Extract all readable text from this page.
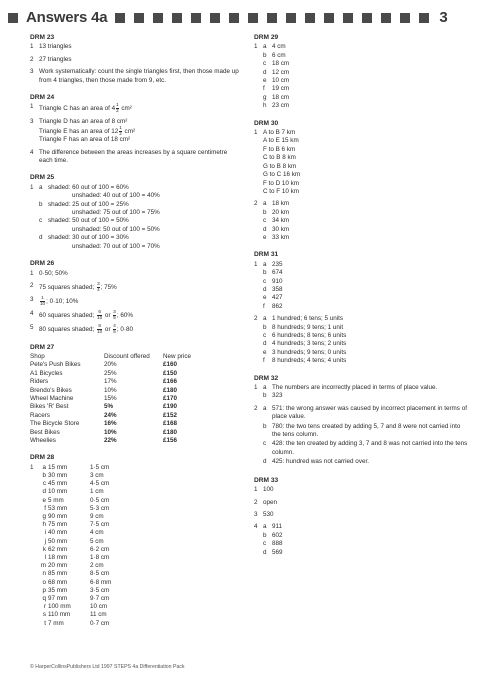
Answers 4a	3
DRM 23
1 13 triangles
2 27 triangles
3 Work systematically: count the single triangles first, then those made up from 4 triangles, then those made from 9, etc.
DRM 24
1 Triangle C has an area of $4 \frac{1}{2} cm^2$
3 Triangle D has an area of 8 cm²
Triangle E has an area of $12 \frac{1}{2} cm^2$
Triangle F has an area of 18 cm²
4 The difference between the areas increases by a square centimetre each time.
DRM 25
1 a shaded: 60 out of 100 = 60%
unshaded: 40 out of 100 = 40%
b shaded: 25 out of 100 = 25%
unshaded: 75 out of 100 = 75%
c shaded: 50 out of 100 = 50%
unshaded: 50 out of 100 = 50%
d shaded: 30 out of 100 = 30%
unshaded: 70 out of 100 = 70%
DRM 26
1 0·50; 50%
2 75 squares shaded; $\frac{3}{4}$ ; 75%
3	$\frac{1}{10}$ ; 0·10; 10%
4 60 squares shaded; $\frac{6}{10}$ or $\frac{3}{5}$ ; 60%
5 80 squares shaded; $\frac{8}{10}$ or $\frac{4}{5}$ ; 0·80
DRM 27
Shop	Discount offered	New price
Pete's Push Bikes	20%	£160
A1 Bicycles	25%	£150
Riders	17%	£166
Brendo's Bikes	10%	£180
Wheel Machine	15%	£170
Bikes 'R' Best	5%	£190
Racers	24%	£152
The Bicycle Store	16%	£168
Best Bikes	10%	£180
Wheelies	22%	£156
DRM 28
1	a	15 mm	1·5 cm
	b	30 mm	3 cm
	c	45 mm	4·5 cm
	d	10 mm	1 cm
	e	5 mm	0·5 cm
	f	53 mm	5·3 cm
	g	90 mm	9 cm
	h	75 mm	7·5 cm
	i	40 mm	4 cm
	j	50 mm	5 cm
	k	62 mm	6·2 cm
	l	18 mm	1·8 cm
	m	20 mm	2 cm
	n	85 mm	8·5 cm
	o	68 mm	6·8 mm
	p	35 mm	3·5 cm
	q	97 mm	9·7 cm
	r	100 mm	10 cm
	s	110 mm	11 cm
	t	7 mm	0·7 cm
DRM 29
1 a 4 cm
b 6 cm
c 18 cm
d 12 cm
e 10 cm
f	19 cm
g 18 cm
h 23 cm
DRM 30
1 A to B 7 km
A to E 15 km
F to B 6 km
C to B 8 km
G to B 8 km
G to C 16 km
F to D 10 km
C to F 10 km
2 a 18 km
b 20 km
c 34 km
d 30 km
e 33 km
DRM 31
1 a 235
b 674
c 910
d 358
e 427
f	862
2 a 1 hundred; 6 tens; 5 units
b 8 hundreds; 9 tens; 1 unit
c 6 hundreds; 8 tens; 6 units
d 4 hundreds; 3 tens; 2 units
e 3 hundreds; 9 tens; 0 units
f	8 hundreds; 4 tens; 4 units
DRM 32
1 a The numbers are incorrectly placed in terms of place value.
b 323
2 a 571: the wrong answer was caused by incorrect placement in terms of place value.
b 780: the two tens created by adding 5, 7 and 8 were not carried into the tens column.
c 428: the ten created by adding 3, 7 and 8 was not carried into the tens column.
d 425: hundred was not carried over.
DRM 33
1 100
2 open
3 530
4 a 911
b 602
c 888
d 569
© HarperCollinsPublishers Ltd 1997 STEPS 4a Differentiation Pack
